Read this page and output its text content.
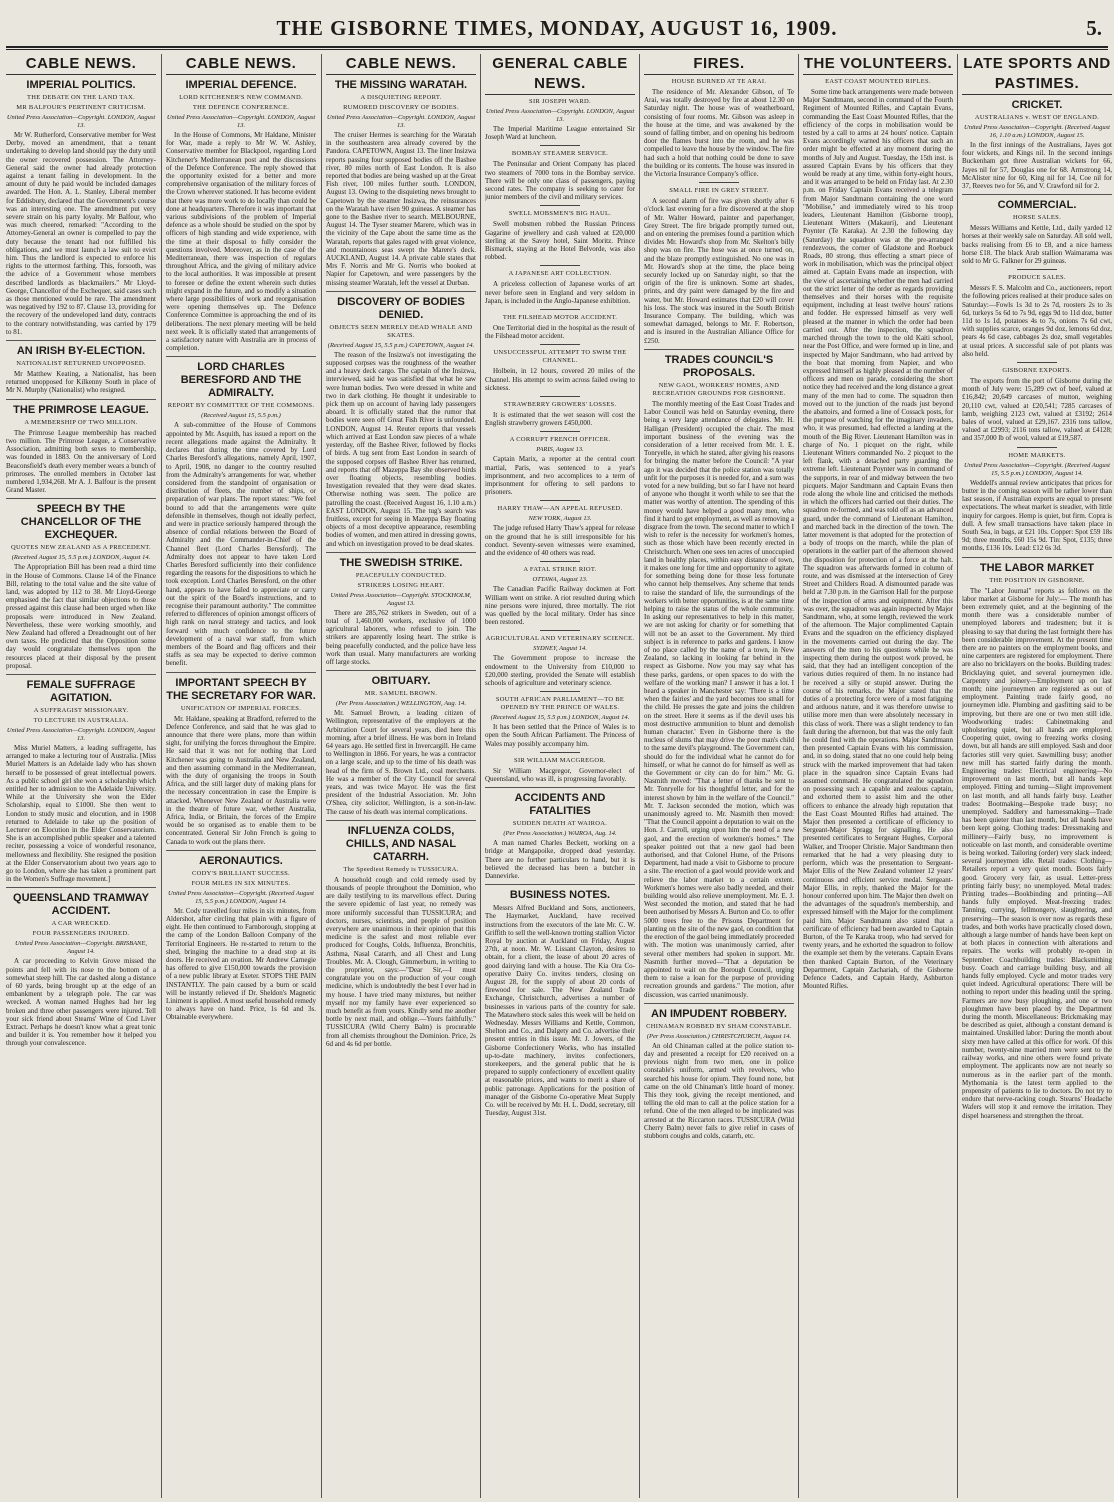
THE GISBORNE TIMES, MONDAY, AUGUST 16, 1909.	5.
CABLE NEWS.
IMPERIAL POLITICS.
THE DEBATE ON THE LAND TAX.
MR BALFOUR'S PERTINENT CRITICISM.
United Press Association—Copyright. LONDON, August 13.

Mr W. Rutherford, Conservative member for West Derby, moved an amendment, that a tenant undertaking to develop land should pay the duty until the owner recovered possession. The Attorney-General said the owner had already protection against a tenant failing in development. In the amount of duty he paid would be included damages awarded. The Hon. A. L. Stanley, Liberal member for Eddisbury, declared that the Government's course was an interesting one. The amendment put very severe strain on his party loyalty. Mr Balfour, who was much cheered, remarked: "According to the Attorney-General an owner is compelled to pay the duty because the tenant had not fulfilled his obligations, and we must launch a law suit to evict him. Thus the landlord is expected to enforce his rights to the uttermost farthing. This, forsooth, was the advice of a Government whose members described landlords as blackmailers." Mr Lloyd-George, Chancellor of the Exchequer, said cases such as those mentioned would be rare. The amendment was negatived by 192 to 87. Clause 13, providing for the recovery of the undeveloped land duty, contracts to the contrary notwithstanding, was carried by 179 to 81.

AN IRISH BY-ELECTION.
NATIONALIST RETURNED UNOPPOSED.

Mr Matthew Keating, a Nationalist, has been returned unopposed for Kilkenny South in place of Mr N. Murphy (Nationalist) who resigned.

THE PRIMROSE LEAGUE.
A MEMBERSHIP OF TWO MILLION.

The Primrose League membership has reached two million. The Primrose League, a Conservative Association, admitting both sexes to membership, was founded in 1883. On the anniversary of Lord Beaconsfield's death every member wears a bunch of primroses. The enrolled members in October last numbered 1,934,268. Mr A. J. Balfour is the present Grand Master.

SPEECH BY THE CHANCELLOR OF THE EXCHEQUER.
QUOTES NEW ZEALAND AS A PRECEDENT.
(Received August 15, 5.5 p.m.) LONDON, August 14.

The Appropriation Bill has been read a third time in the House of Commons. Clause 14 of the Finance Bill, relating to the total value and the site value of land, was adopted by 112 to 38. Mr Lloyd-George emphasised the fact that similar objections to those pressed against this clause had been urged when like proposals were introduced in New Zealand. Nevertheless, these were working smoothly, and New Zealand had offered a Dreadnought out of her own taxes. He predicted that the Opposition some day would congratulate themselves upon the resources placed at their disposal by the present proposal.

FEMALE SUFFRAGE AGITATION.
A SUFFRAGIST MISSIONARY.
TO LECTURE IN AUSTRALIA.
United Press Association—Copyright. LONDON, August 13.

Miss Muriel Matters, a leading suffragette, has arranged to make a lecturing tour of Australia. [Miss Muriel Matters is an Adelaide lady who has shown herself to be possessed of great intellectual powers. As a public school girl she won a scholarship which entitled her to admission to the Adelaide University. While at the University she won the Elder Scholarship, equal to £1000. She then went to London to study music and elocution, and in 1908 returned to Adelaide to take up the position of Lecturer on Elocution in the Elder Conservatorium. She is an accomplished public speaker and a talented reciter, possessing a voice of wonderful resonance, mellowness and flexibility. She resigned the position at the Elder Conservatorium about two years ago to go to London, where she has taken a prominent part in the Women's Suffrage movement.]

QUEENSLAND TRAMWAY ACCIDENT.
A CAR WRECKED.
FOUR PASSENGERS INJURED.
United Press Association—Copyright. BRISBANE, August 14.

A car proceeding to Kelvin Grove missed the points and fell with its nose to the bottom of a somewhat steep hill. The car dashed along a distance of 60 yards, being brought up at the edge of an embankment by a telegraph pole. The car was wrecked. A woman named Hughes had her leg broken and three other passengers were injured. Tell your sick friend about Stearns' Wine of Cod Liver Extract. Perhaps he doesn't know what a great tonic and builder it is. You remember how it helped you through your convalescence.

CABLE NEWS.
IMPERIAL DEFENCE.
LORD KITCHENER'S NEW COMMAND.
THE DEFENCE CONFERENCE.
United Press Association—Copyright. LONDON, August 13.

In the House of Commons, Mr Haldane, Minister for War, made a reply to Mr W. W. Ashley, Conservative member for Blackpool, regarding Lord Kitchener's Mediterranean post and the discussions of the Defence Conference. The reply showed that the opportunity existed for a better and more comprehensive organisation of the military forces of the Crown wherever stationed. It has become evident that there was more work to do locally than could be done at headquarters. Therefore it was important that various subdivisions of the problem of Imperial defence as a whole should be studied on the spot by officers of high standing and wide experience, with the time at their disposal to fully consider the questions involved. Moreover, as in the case of the Mediterranean, there was inspection of regulars throughout Africa, and the giving of military advice to the local authorities. It was impossible at present to foresee or define the extent wherein such duties might expand in the future, and so modify a situation where large possibilities of work and reorganisation were opening themselves up. The Defence Conference Committee is approaching the end of its deliberations. The next plenary meeting will be held next week. It is officially stated that arrangements of a satisfactory nature with Australia are in process of completion.

LORD CHARLES BERESFORD AND THE ADMIRALTY.
REPORT BY COMMITTEE OF THE COMMONS.
(Received August 15, 5.5 p.m.)

A sub-committee of the House of Commons appointed by Mr. Asquith, has issued a report on the recent allegations made against the Admiralty. It declares that during the time covered by Lord Charles Beresford's allegations, namely April, 1907, to April, 1908, no danger to the country resulted from the Admiralty's arrangements for war, whether considered from the standpoint of organisation or distribution of fleets, the number of ships, or preparation of war plans. The report states: "We feel bound to add that the arrangements were quite defensible in themselves, though not ideally perfect, and were in practice seriously hampered through the absence of cordial relations between the Board of Admiralty and the Commander-in-Chief of the Channel fleet (Lord Charles Beresford). The Admiralty does not appear to have taken Lord Charles Beresford sufficiently into their confidence regarding the reasons for the dispositions to which he took exception. Lord Charles Beresford, on the other hand, appears to have failed to appreciate or carry out the spirit of the Board's instructions, and to recognise their paramount authority." The committee referred to differences of opinion amongst officers of high rank on naval strategy and tactics, and look forward with much confidence to the future development of a naval war staff, from which members of the Board and flag officers and their staffs as sea may be expected to derive common benefit.

IMPORTANT SPEECH BY THE SECRETARY FOR WAR.
UNIFICATION OF IMPERIAL FORCES.

Mr. Haldane, speaking at Bradford, referred to the Defence Conference, and said that he was glad to announce that there were plans, more than within sight, for unifying the forces throughout the Empire. He said that it was not for nothing that Lord Kitchener was going to Australia and New Zealand, and then assuming command in the Mediterranean, with the duty of organising the troops in South Africa, and the still larger duty of making plans for the necessary concentration in case the Empire is attacked. Whenever New Zealand or Australia were in the theatre of future war, whether Australia, Africa, India, or Britain, the forces of the Empire would be so organised as to enable them to be concentrated. General Sir John French is going to Canada to work out the plans there.

AERONAUTICS.
CODY'S BRILLIANT SUCCESS.
FOUR MILES IN SIX MINUTES.
United Press Association—Copyright. (Received August 15, 5.5 p.m.) LONDON, August 14.

Mr. Cody travelled four miles in six minutes, from Aldershot, after circling that plain with a figure of eight. He then continued to Farnborough, stopping at the camp of the London Balloon Company of the Territorial Engineers. He re-started to return to the shed, bringing the machine to a dead stop at its doors. He received an ovation. Mr Andrew Carnegie has offered to give £150,000 towards the provision of a new public library at Exeter. STOPS THE PAIN INSTANTLY. The pain caused by a burn or scald will be instantly relieved if Dr. Sheldon's Magnetic Liniment is applied. A most useful household remedy to always have on hand. Price, 1s 6d and 3s. Obtainable everywhere.

CABLE NEWS.
THE MISSING WARATAH.
A DISQUIETING REPORT.
RUMORED DISCOVERY OF BODIES.
United Press Association—Copyright. LONDON, August 13.

The cruiser Hermes is searching for the Waratah in the southeastern area already covered by the Pandora. CAPETOWN, August 13. The liner Insizwa reports passing four supposed bodies off the Bashee river, 80 miles north of East London. It is also reported that bodies are being washed up at the Great Fish river, 100 miles further south. LONDON, August 13. Owing to the disquieting news brought to Capetown by the steamer Insizwa, the reinsurances on the Waratah have risen 90 guineas. A steamer has gone to the Bashee river to search. MELBOURNE, August 14. The Tyser steamer Marere, which was in the vicinity of the Cape about the same time as the Waratah, reports that gales raged with great violence, and mountainous seas swept the Marere's deck. AUCKLAND, August 14. A private cable states that Mrs F. Norris and Mr G. Norris who booked at Napier for Capetown, and were passengers by the missing steamer Waratah, left the vessel at Durban.

DISCOVERY OF BODIES DENIED.
OBJECTS SEEN MERELY DEAD WHALE AND SKATES.
(Received August 15, 5.5 p.m.) CAPETOWN, August 14.

The reason of the Insizwa's not investigating the supposed corpses was the roughness of the weather and a heavy deck cargo. The captain of the Insizwa, interviewed, said he was satisfied that what he saw were human bodies. Two were dressed in white and two in dark clothing. He thought it undesirable to pick them up on account of having lady passengers aboard. It is officially stated that the rumor that bodies were seen off Great Fish River is unfounded. LONDON, August 14. Reuter reports that vessels which arrived at East London saw pieces of a whale yesterday, off the Bashee River, followed by flocks of birds. A tug sent from East London in search of the supposed corpses off Bashee River has returned, and reports that off Mazeppa Bay she observed birds over floating objects, resembling bodies. Investigation revealed that they were dead skates. Otherwise nothing was seen. The police are patrolling the coast. (Received August 16, 1.10 a.m.) EAST LONDON, August 15. The tug's search was fruitless, except for seeing in Mazeppa Bay floating objects of a most deceptive appearance, resembling bodies of women, and men attired in dressing gowns, and which on investigation proved to be dead skates.

THE SWEDISH STRIKE.
PEACEFULLY CONDUCTED.
STRIKERS LOSING HEART.
United Press Association—Copyright. STOCKHOLM, August 13.

There are 285,762 strikers in Sweden, out of a total of 1,460,000 workers, exclusive of 1000 agricultural laborers, who refused to join. The strikers are apparently losing heart. The strike is being peacefully conducted, and the police have less work than usual. Many manufacturers are working off large stocks.

OBITUARY.
MR. SAMUEL BROWN.
(Per Press Association.) WELLINGTON, Aug. 14.

Mr. Samuel Brown, a leading citizen of Wellington, representative of the employers at the Arbitration Court for several years, died here this morning, after a brief illness. He was born in Ireland 64 years ago. He settled first in Invercargill. He came to Wellington in 1866. For years, he was a contractor on a large scale, and up to the time of his death was head of the firm of S. Brown Ltd., coal merchants. He was a member of the City Council for several years, and was twice Mayor. He was the first president of the Industrial Association. Mr. John O'Shea, city solicitor, Wellington, is a son-in-law. The cause of his death was internal complications.

INFLUENZA COLDS, CHILLS, AND NASAL CATARRH.
The Speediest Remedy is TUSSICURA.

A household cough and cold remedy used by thousands of people throughout the Dominion, who are daily testifying to its marvellous effect. During the severe epidemic of last year, no remedy was more uniformly successful than TUSSICURA; and doctors, nurses, scientists, and people of position everywhere are unanimous in their opinion that this medicine is the safest and most reliable ever produced for Coughs, Colds, Influenza, Bronchitis, Asthma, Nasal Catarrh, and all Chest and Lung Troubles. Mr. A. Clough, Gimmerburn, in writing to the proprietor, says:—"Dear Sir,—I must congratulate you on the production of your cough medicine, which is undoubtedly the best I ever had in my house. I have tried many mixtures, but neither myself nor my family have ever experienced so much benefit as from yours. Kindly send me another bottle by next mail, and oblige.—Yours faithfully." TUSSICURA (Wild Cherry Balm) is procurable from all chemists throughout the Dominion. Price, 2s 6d and 4s 6d per bottle.

GENERAL CABLE NEWS.
SIR JOSEPH WARD.
United Press Association—Copyright. LONDON, August 13.

The Imperial Maritime League entertained Sir Joseph Ward at luncheon.

BOMBAY STEAMER SERVICE.

The Peninsular and Orient Company has placed two steamers of 7000 tons in the Bombay service. There will be only one class of passengers, paying second rates. The company is seeking to cater for junior members of the civil and military services.

SWELL MOBSMEN'S BIG HAUL.

Swell mobsmen robbed the Russian Princess Gagarine of jewellery and cash valued at £20,000 sterling at the Savoy hotel, Saint Moritz. Prince Bismarck, staying at the Hotel Belvorde, was also robbed.

A JAPANESE ART COLLECTION.

A priceless collection of Japanese works of art never before seen in England and very seldom in Japan, is included in the Anglo-Japanese exhibition.

THE FILSHEAD MOTOR ACCIDENT.

One Territorial died in the hospital as the result of the Filshead motor accident.

UNSUCCESSFUL ATTEMPT TO SWIM THE CHANNEL.

Holbein, in 12 hours, covered 20 miles of the Channel. His attempt to swim across failed owing to sickness.

STRAWBERRY GROWERS' LOSSES.

It is estimated that the wet season will cost the English strawberry growers £450,000.

A CORRUPT FRENCH OFFICER.
PARIS, August 13.

Captain Marix, a reporter at the central court martial, Paris, was sentenced to a year's imprisonment, and two accomplices to a term of imprisonment for offering to sell pardons to prisoners.

HARRY THAW—AN APPEAL REFUSED.
NEW YORK, August 13.

The judge refused Harry Thaw's appeal for release on the ground that he is still irresponsible for his conduct. Seventy-seven witnesses were examined, and the evidence of 40 others was read.

A FATAL STRIKE RIOT.
OTTAWA, August 13.

The Canadian Pacific Railway dockmen at Fort William went on strike. A riot resulted during which nine persons were injured, three mortally. The riot was quelled by the local military. Order has since been restored.

AGRICULTURAL AND VETERINARY SCIENCE.
SYDNEY, August 14.

The Government propose to increase the endowment to the University from £10,000 to £20,000 sterling, provided the Senate will establish schools of agriculture and veterinary science.

SOUTH AFRICAN PARLIAMENT—TO BE OPENED BY THE PRINCE OF WALES.
(Received August 15, 5.5 p.m.) LONDON, August 14.

It has been settled that the Prince of Wales is to open the South African Parliament. The Princess of Wales may possibly accompany him.

SIR WILLIAM MACGREGOR.

Sir William Macgregor, Governor-elect of Queensland, who was ill, is progressing favorably.

ACCIDENTS AND FATALITIES
SUDDEN DEATH AT WAIROA.
(Per Press Association.) WAIROA, Aug. 14.

A man named Charles Beckett, working on a bridge at Mangapoike, dropped dead yesterday. There are no further particulars to hand, but it is believed the deceased has been a butcher in Dannevirke.

BUSINESS NOTES.

Messrs Alfred Buckland and Sons, auctioneers, The Haymarket, Auckland, have received instructions from the executors of the late Mr. C. W. Griffith to sell the well-known trotting stallion Victor Royal by auction at Auckland on Friday, August 27th, at noon. Mr. W. Lissant Clayton, desires to obtain, for a client, the lease of about 20 acres of good dairying land with a house. The Kia Ora Co-operative Dairy Co. invites tenders, closing on August 28, for the supply of about 20 cords of firewood for sale. The New Zealand Trade Exchange, Christchurch, advertises a number of businesses in various parts of the country for sale. The Matawhero stock sales this week will be held on Wednesday. Messrs Williams and Kettle, Common, Shelton and Co., and Dalgety and Co. advertise their present entries in this issue. Mr. J. Jowers, of the Gisborne Confectionery Works, who has installed up-to-date machinery, invites confectioners, storekeepers, and the general public that he is prepared to supply confectionery of excellent quality at reasonable prices, and wants to merit a share of public patronage. Applications for the position of manager of the Gisborne Co-operative Meat Supply Co. will be received by Mr. H. L. Dodd, secretary, till Tuesday, August 31st.

FIRES.
HOUSE BURNED AT TE ARAI.

The residence of Mr. Alexander Gibson, of Te Arai, was totally destroyed by fire at about 12.30 on Saturday night. The house was of weatherboard, consisting of four rooms. Mr. Gibson was asleep in the house at the time, and was awakened by the sound of falling timber, and on opening his bedroom door the flames burst into the room, and he was compelled to leave the house by the window. The fire had such a hold that nothing could be done to save the building or its contents. The house was insured in the Victoria Insurance Company's office.

SMALL FIRE IN GREY STREET.

A second alarm of fire was given shortly after 6 o'clock last evening for a fire discovered at the shop of Mr. Walter Howard, painter and paperhanger, Grey Street. The fire brigade promptly turned out, and on entering the premises found a partition which divides Mr. Howard's shop from Mr. Skelton's billy shop was on fire. The hose was at once turned on, and the blaze promptly extinguished. No one was in Mr. Howard's shop at the time, the place being securely locked up on Saturday night, so that the origin of the fire is unknown. Some art shades, prints, and dry paint were damaged by the fire and water, but Mr. Howard estimates that £20 will cover his loss. The stock was insured in the South British Insurance Company. The building, which was somewhat damaged, belongs to Mr. F. Robertson, and is insured in the Australian Alliance Office for £250.

TRADES COUNCIL'S PROPOSALS.
NEW GAOL, WORKERS' HOMES, AND RECREATION GROUNDS FOR GISBORNE.

The monthly meeting of the East Coast Trades and Labor Council was held on Saturday evening, there being a very large attendance of delegates. Mr. H. Halligan (President) occupied the chair. The most important business of the evening was the consideration of a letter received from Mr. I. E. Tonryelle, in which he stated, after giving his reasons for bringing the matter before the Council: "A year ago it was decided that the police station was totally unfit for the purposes it is needed for, and a sum was voted for a new building, but so far I have not heard of anyone who thought it worth while to see that the matter was worthy of attention. The spending of this money would have helped a good many men, who find it hard to get employment, as well as removing a disgrace from the town. The second matter to which I wish to refer is the necessity for workmen's homes, such as those which have been recently erected in Christchurch. When one sees ten acres of unoccupied land in healthy places, within easy distance of town, it makes one long for time and opportunity to agitate for something being done for those less fortunate who cannot help themselves. Any scheme that tends to raise the standard of life, the surroundings of the workers with better opportunities, is at the same time helping to raise the status of the whole community. In asking our representatives to help in this matter, we are not asking for charity or for something that will not be an asset to the Government. My third subject is in reference to parks and gardens. I know of no place called by the name of a town, in New Zealand, so lacking in looking far behind in the respect as Gisborne. Now you may say what has these parks, gardens, or open spaces to do with the welfare of the working man? I answer it has a lot. I heard a speaker in Manchester say: 'There is a time when the fairies' and the yard becomes too small for the child. He presses the gate and joins the children on the street. Here it seems as if the devil uses his most destructive ammunition to blunt and demolish human character.' Even in Gisborne there is the nucleus of slums that may drive the poor man's child to the same devil's playground. The Government can, should do for the individual what he cannot do for himself, or what he cannot do for himself as well as the Government or city can do for him." Mr. G. Nasmith moved: "That a letter of thanks be sent to Mr. Tonryelle for his thoughtful letter, and for the interest shown by him in the welfare of the Council." Mr. T. Jackson seconded the motion, which was unanimously agreed to. Mr. Nasmith then moved: "That the Council appoint a deputation to wait on the Hon. J. Carroll, urging upon him the need of a new gaol, and the erection of workmen's homes." The speaker pointed out that a new gaol had been authorised, and that Colonel Hume, of the Prisons Department, had made a visit to Gisborne to procure a site. The erection of a gaol would provide work and relieve the labor market to a certain extent. Workmen's homes were also badly needed, and their building would also relieve unemployment. Mr. E. J. West seconded the motion, and stated that he had been authorised by Messrs A. Burton and Co. to offer 5000 trees free to the Prisons Department for planting on the site of the new gaol, on condition that the erection of the gaol being immediately proceeded with. The motion was unanimously carried, after several other members had spoken in support. Mr. Nasmith further moved—"That a deputation be appointed to wait on the Borough Council, urging them to raise a loan for the purpose of providing recreation grounds and gardens." The motion, after discussion, was carried unanimously.

AN IMPUDENT ROBBERY.
CHINAMAN ROBBED BY SHAM CONSTABLE.
(Per Press Association.) CHRISTCHURCH, August 14.

An old Chinaman called at the police station to-day and presented a receipt for £20 received on a previous night from two men, one in police constable's uniform, armed with revolvers, who searched his house for opium. They found none, but came on the old Chinaman's little hoard of money. This they took, giving the receipt mentioned, and telling the old man to call at the police station for a refund. One of the men alleged to be implicated was arrested at the Riccarton races. TUSSICURA (Wild Cherry Balm) never fails to give relief in cases of stubborn coughs and colds, catarrh, etc.

THE VOLUNTEERS.
EAST COAST MOUNTED RIFLES.

Some time back arrangements were made between Major Sandtmann, second in command of the Fourth Regiment of Mounted Rifles, and Captain Evans, commanding the East Coast Mounted Rifles, that the efficiency of the corps in mobilisation would be tested by a call to arms at 24 hours' notice. Captain Evans accordingly warned his officers that such an order might be effected at any moment during the months of July and August. Tuesday, the 15th inst. is assured Captain Evans by his officers that they would be ready at any time, within forty-eight hours, and it was arranged to be held on Friday last. At 2.30 p.m. on Friday Captain Evans received a telegram from Major Sandtmann containing the one word "Mobilise," and immediately wired to his troop leaders, Lieutenant Hamilton (Gisborne troop), Lieutenant Witters (Makauri), and Lieutenant Poynter (Te Karaka). At 2.30 the following day (Saturday) the squadron was at the pre-arranged rendezvous, the corner of Gladstone and Roebuck Roads, 80 strong, thus effecting a smart piece of work in mobilisation, which was the principal object aimed at. Captain Evans made an inspection, with the view of ascertaining whether the men had carried out the strict letter of the order as regards providing themselves and their horses with the requisite equipment, including at least twelve hours' rations and fodder. He expressed himself as very well pleased at the manner in which the order had been carried out. After the inspection, the squadron marched through the town to the old Kaiti school, near the Post Office, and were formed up in line, and inspected by Major Sandtmann, who had arrived by the boat that morning from Napier, and who expressed himself as highly pleased at the number of officers and men on parade, considering the short notice they had received and the long distance a great many of the men had to come. The squadron then moved out to the junction of the roads just beyond the abattoirs, and formed a line of Cossack posts, for the purpose of watching for the imaginary invaders, who, it was presumed, had effected a landing at the mouth of the Big River. Lieutenant Hamilton was in charge of No. 1 picquet on the right, while Lieutenant Witters commanded No. 2 picquet to the left flank, with a detached party guarding the extreme left. Lieutenant Poynter was in command of the supports, in rear of and midway between the two picquets. Major Sandtmann and Captain Evans then rode along the whole line and criticised the methods in which the officers had carried out their duties. The squadron re-formed, and was told off as an advanced guard, under the command of Lieutenant Hamilton, and marched back in the direction of the town. The latter movement is that adopted for the protection of a body of troops on the march, while the plan of operations in the earlier part of the afternoon showed the disposition for protection of a force at the halt. The squadron was afterwards formed in column of route, and was dismissed at the intersection of Grey Street and Childers Road. A dismounted parade was held at 7.30 p.m. in the Garrison Hall for the purpose of the inspection of arms and equipment. After this was over, the squadron was again inspected by Major Sandtmann, who, at some length, reviewed the work of the afternoon. The Major complimented Captain Evans and the squadron on the efficiency displayed in the movements carried out during the day. The answers of the men to his questions while he was inspecting them during the outpost work proved, he said, that they had an intelligent conception of the various duties required of them. In no instance had he received a silly or stupid answer. During the course of his remarks, the Major stated that the duties of a protecting force were of a most fatiguing and arduous nature, and it was therefore unwise to utilise more men than were absolutely necessary in this class of work. There was a slight tendency to fan fault during the afternoon, but that was the only fault he could find with the operations. Major Sandtmann then presented Captain Evans with his commission, and, in so doing, stated that no one could help being struck with the marked improvement that had taken place in the squadron since Captain Evans had assumed command. He congratulated the squadron on possessing such a capable and zealous captain, and exhorted them to assist him and the other officers to enhance the already high reputation that the East Coast Mounted Rifles had attained. The Major then presented a certificate of efficiency to Sergeant-Major Spragg for signalling. He also presented certificates to Sergeant Hughes, Corporal Walker, and Trooper Christie. Major Sandtmann then remarked that he had a very pleasing duty to perform, which was the presentation to Sergeant-Major Ellis of the New Zealand volunteer 12 years' continuous and efficient service medal. Sergeant-Major Ellis, in reply, thanked the Major for the honour conferred upon him. The Major then dwelt on the advantages of the squadron's membership, and expressed himself with the Major for the compliment paid him. Major Sandtmann also stated that a certificate of efficiency had been awarded to Captain Burton, of the Te Karaka troop, who had served for twenty years, and he exhorted the squadron to follow the example set them by the veterans. Captain Evans then thanked Captain Burton, of the Veterinary Department, Captain Zachariah, of the Gisborne Defence Cadets, and Captain Hardy, Ashburton Mounted Rifles.

LATE SPORTS AND PASTIMES.
CRICKET.
AUSTRALIANS v. WEST OF ENGLAND.
United Press Association—Copyright. (Received August 16, 1.10 a.m.) LONDON, August 15.

In the first innings of the Australians, Jayes got four wickets, and Kings nil. In the second innings Buckenham got three Australian wickets for 66, Jayes nil for 57, Douglas one for 68. Armstrong 14, McAlister nine for 60, King nil for 14, Coe nil for 37, Reeves two for 56, and V. Crawford nil for 2.

COMMERCIAL.
HORSE SALES.

Messrs Williams and Kettle, Ltd., daily yarded 12 horses at their weekly sale on Saturday. All sold well, backs realising from £6 to £8, and a nice harness horse £18. The black Arab stallion Waimarama was sold to Mr G. Falkner for 29 guineas.

PRODUCE SALES.

Messrs F. S. Malcolm and Co., auctioneers, report the following prices realised at their produce sales on Saturday:—Fowls 1s 3d to 2s 7d, roosters 2s to 3s 6d, turkeys 5s 6d to 7s 9d, eggs 9d to 11d doz, butter 11d to 1s 1d, potatoes 4s to 7s, onions 7s 6d cwt, with supplies scarce, oranges 9d doz, lemons 6d doz, pears 4s 6d case, cabbages 2s doz, small vegetables at usual prices. A successful sale of pot plants was also held.

GISBORNE EXPORTS.

The exports from the port of Gisborne during the month of July were: 15,289 cwt of beef, valued at £16,842; 20,649 carcases of mutton, weighing 20,110 cwt, valued at £20,541; 7285 carcases of lamb, weighing 2123 cwt, valued at £3192; 2614 bales of wool, valued at £29,167. 2316 tons tallow, valued at £2993; 2116 tons tallow, valued at £4128; and 357,000 lb of wool, valued at £19,587.

HOME MARKETS.
United Press Association—Copyright. (Received August 15, 5.5 p.m.) LONDON, August 14.

Weddell's annual review anticipates that prices for butter in the coming season will be rather lower than last season, if Australian exports are equal to present expectations. The wheat market is steadier, with little inquiry for cargoes. Hemp is quiet, but firm. Copra is dull. A few small transactions have taken place in South Sea, in bags, at £21 10s. Copper: Spot £59 18s 9d; three months, £60 15s 9d. Tin: Spot, £135; three months, £136 10s. Lead: £12 6s 3d.

THE LABOR MARKET
THE POSITION IN GISBORNE.

The "Labor Journal" reports as follows on the labor market at Gisborne for July:— The month has been extremely quiet, and at the beginning of the month there was a considerable number of unemployed laborers and tradesmen; but it is pleasing to say that during the last fortnight there has been considerable improvement. At the present time there are no painters on the employment books, and nine carpenters are registered for employment. There are also no bricklayers on the books. Building trades: Bricklaying quiet, and several journeymen idle. Carpentry and joinery—Employment up on last month; nine journeymen are registered as out of employment. Painting trade fairly good, no journeymen idle. Plumbing and gasfitting said to be improving, but there are one or two men still idle. Woodworking trades: Cabinetmaking and upholstering quiet, but all hands are employed. Coopering quiet, owing to freezing works closing down, but all hands are still employed. Sash and door factories still very quiet. Sawmilling busy; another new mill has started fairly during the month. Engineering trades: Electrical engineering—No improvement on last month, but all hands kept employed. Fitting and turning—Slight improvement on last month, and all hands fairly busy. Leather trades: Bootmaking—Bespoke trade busy; no unemployed. Saddlery and harnessmaking—Trade has been quieter than last month, but all hands have been kept going. Clothing trades: Dressmaking and millinery—Fairly busy, no improvement is noticeable on last month, and considerable overtime is being worked. Tailoring (order) very slack indeed; several journeymen idle. Retail trades: Clothing—Retailers report a very quiet month. Boots fairly good. Grocery very fair, as usual. Letter-press printing fairly busy; no unemployed. Metal trades: Printing trades—Bookbinding and printing—All hands fully employed. Meat-freezing trades: Tanning, currying, fellmongery, slaughtering, and preserving—The season is over now as regards these trades, and both works have practically closed down, although a large number of hands have been kept on at both places in connection with alterations and repairs. The works will probably re-open in September. Coachbuilding trades: Blacksmithing busy. Coach and carriage building busy, and all hands fully employed. Cycle and motor trades very quiet indeed. Agricultural operations: There will be nothing to report under this heading until the spring. Farmers are now busy ploughing, and one or two ploughmen have been placed by the Department during the month. Miscellaneous: Brickmaking may be described as quiet, although a constant demand is maintained. Unskilled labor: During the month about sixty men have called at this office for work. Of this number, twenty-nine married men were sent to the railway works, and nine others were found private employment. The applicants now are not nearly so numerous as in the earlier part of the month. Mythomania is the latest term applied to the propensity of patients to lie to doctors. Do not try to endure that nerve-racking cough. Stearns' Headache Wafers will stop it and remove the irritation. They dispel hoarseness and strengthen the throat.
